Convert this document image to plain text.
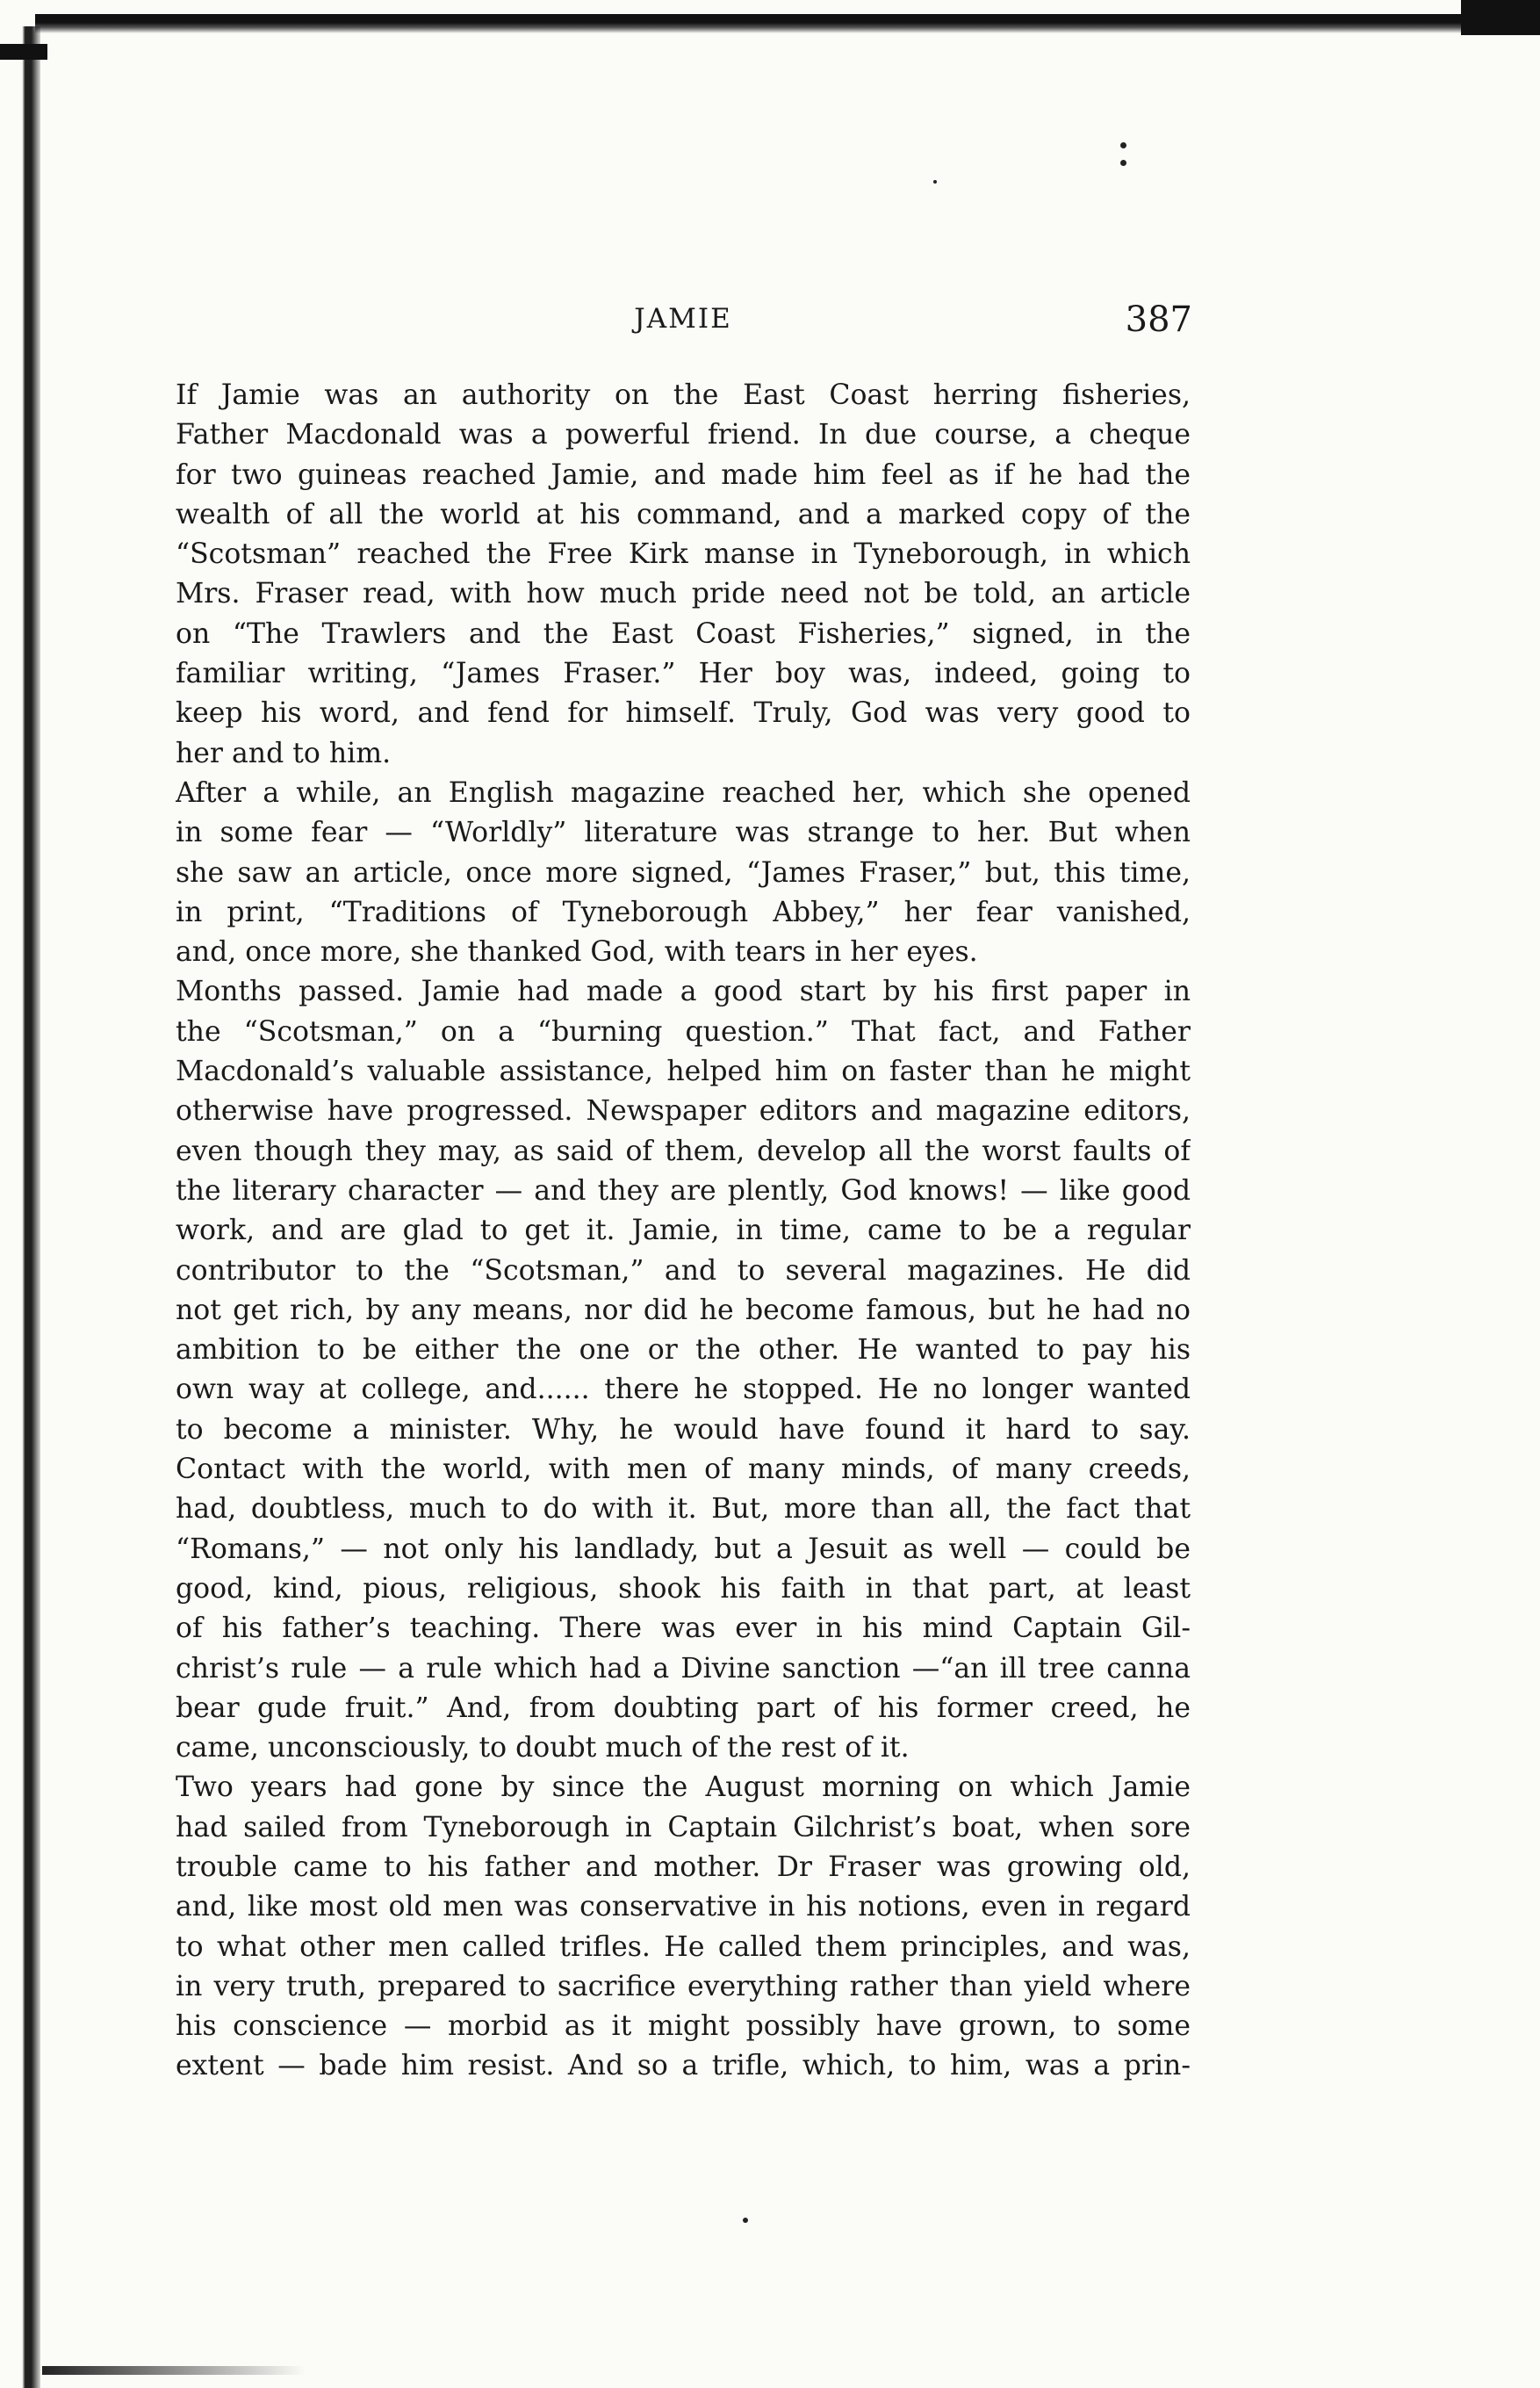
JAMIE	387
If Jamie was an authority on the East Coast herring fisheries,
Father Macdonald was a powerful friend. In due course, a cheque
for two guineas reached Jamie, and made him feel as if he had the
wealth of all the world at his command, and a marked copy of the
“Scotsman” reached the Free Kirk manse in Tyneborough, in which
Mrs. Fraser read, with how much pride need not be told, an article
on “The Trawlers and the East Coast Fisheries,” signed, in the
familiar writing, “James Fraser.” Her boy was, indeed, going to
keep his word, and fend for himself. Truly, God was very good to
her and to him.
After a while, an English magazine reached her, which she opened
in some fear — “Worldly” literature was strange to her. But when
she saw an article, once more signed, “James Fraser,” but, this time,
in print, “Traditions of Tyneborough Abbey,” her fear vanished,
and, once more, she thanked God, with tears in her eyes.
Months passed. Jamie had made a good start by his first paper in
the “Scotsman,” on a “burning question.” That fact, and Father
Macdonald’s valuable assistance, helped him on faster than he might
otherwise have progressed. Newspaper editors and magazine editors,
even though they may, as said of them, develop all the worst faults of
the literary character — and they are plently, God knows! — like good
work, and are glad to get it. Jamie, in time, came to be a regular
contributor to the “Scotsman,” and to several magazines. He did
not get rich, by any means, nor did he become famous, but he had no
ambition to be either the one or the other. He wanted to pay his
own way at college, and...... there he stopped. He no longer wanted
to become a minister. Why, he would have found it hard to say.
Contact with the world, with men of many minds, of many creeds,
had, doubtless, much to do with it. But, more than all, the fact that
“Romans,” — not only his landlady, but a Jesuit as well — could be
good, kind, pious, religious, shook his faith in that part, at least
of his father’s teaching. There was ever in his mind Captain Gil-
christ’s rule — a rule which had a Divine sanction —“an ill tree canna
bear gude fruit.” And, from doubting part of his former creed, he
came, unconsciously, to doubt much of the rest of it.
Two years had gone by since the August morning on which Jamie
had sailed from Tyneborough in Captain Gilchrist’s boat, when sore
trouble came to his father and mother. Dr Fraser was growing old,
and, like most old men was conservative in his notions, even in regard
to what other men called trifles. He called them principles, and was,
in very truth, prepared to sacrifice everything rather than yield where
his conscience — morbid as it might possibly have grown, to some
extent — bade him resist. And so a trifle, which, to him, was a prin-
